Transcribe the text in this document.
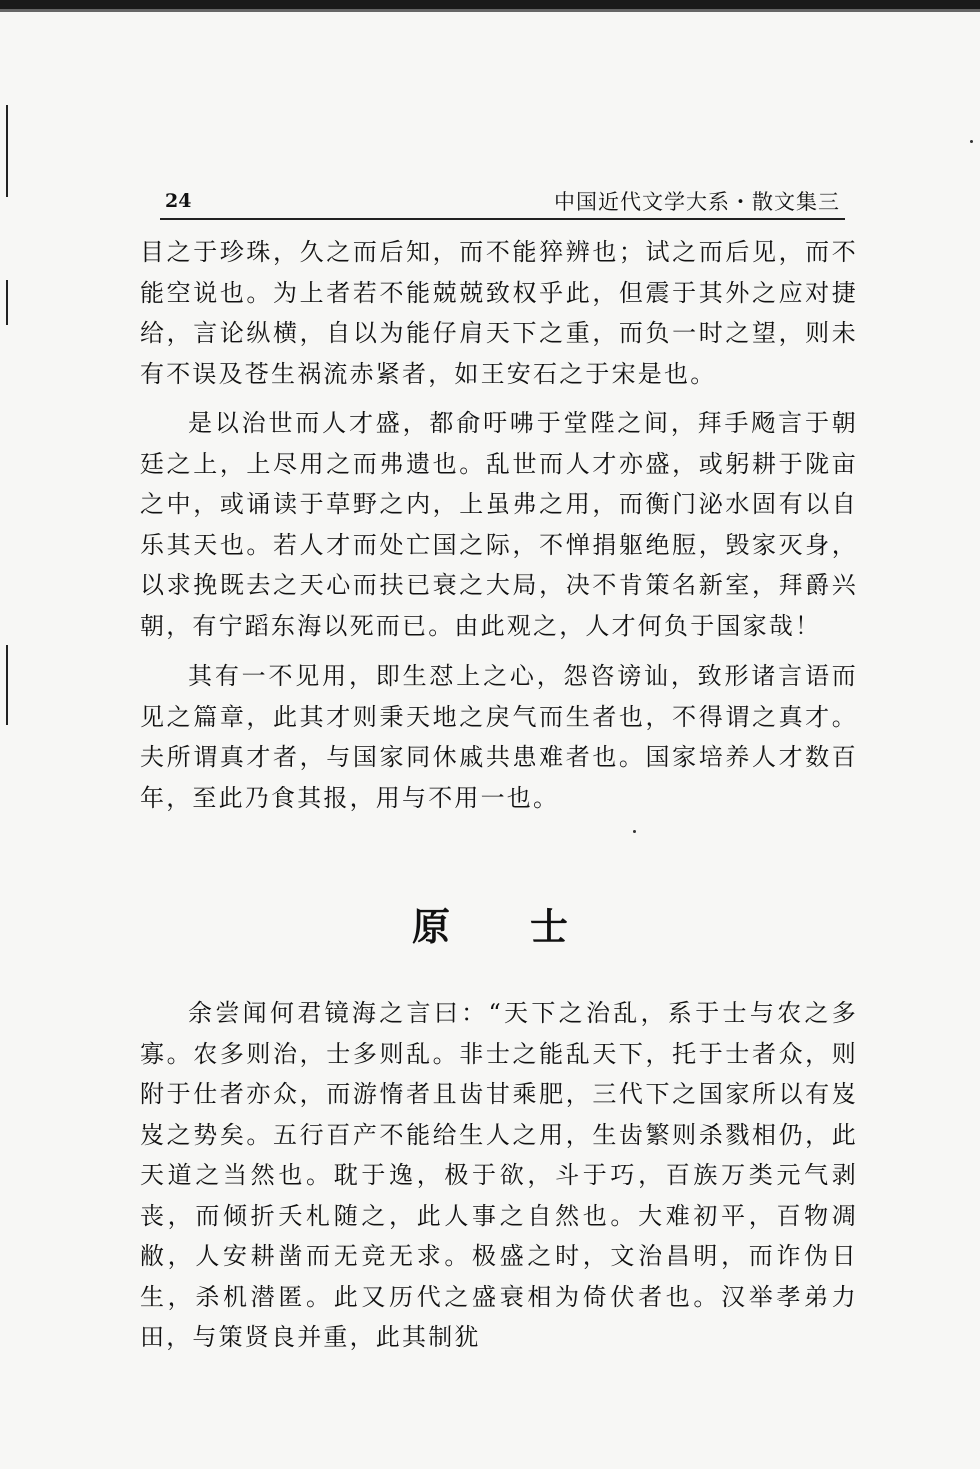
24	中国近代文学大系・散文集三

目之于珍珠，久之而后知，而不能猝辨也；试之而后见，而不能空说也。为上者若不能兢兢致权乎此，但震于其外之应对捷给，言论纵横，自以为能仔肩天下之重，而负一时之望，则未有不误及苍生祸流赤紧者，如王安石之于宋是也。

是以治世而人才盛，都俞吁咈于堂陛之间，拜手飏言于朝廷之上，上尽用之而弗遗也。乱世而人才亦盛，或躬耕于陇亩之中，或诵读于草野之内，上虽弗之用，而衡门泌水固有以自乐其天也。若人才而处亡国之际，不惮捐躯绝脰，毁家灭身，以求挽既去之天心而扶已衰之大局，决不肯策名新室，拜爵兴朝，有宁蹈东海以死而已。由此观之，人才何负于国家哉！

其有一不见用，即生怼上之心，怨咨谤讪，致形诸言语而见之篇章，此其才则秉天地之戾气而生者也，不得谓之真才。夫所谓真才者，与国家同休戚共患难者也。国家培养人才数百年，至此乃食其报，用与不用一也。

原士

余尝闻何君镜海之言曰：“天下之治乱，系于士与农之多寡。农多则治，士多则乱。非士之能乱天下，托于士者众，则附于仕者亦众，而游惰者且齿甘乘肥，三代下之国家所以有岌岌之势矣。五行百产不能给生人之用，生齿繁则杀戮相仍，此天道之当然也。耽于逸，极于欲，斗于巧，百族万类元气剥丧，而倾折夭札随之，此人事之自然也。大难初平，百物凋敝，人安耕凿而无竞无求。极盛之时，文治昌明，而诈伪日生，杀机潜匿。此又历代之盛衰相为倚伏者也。汉举孝弟力田，与策贤良并重，此其制犹
